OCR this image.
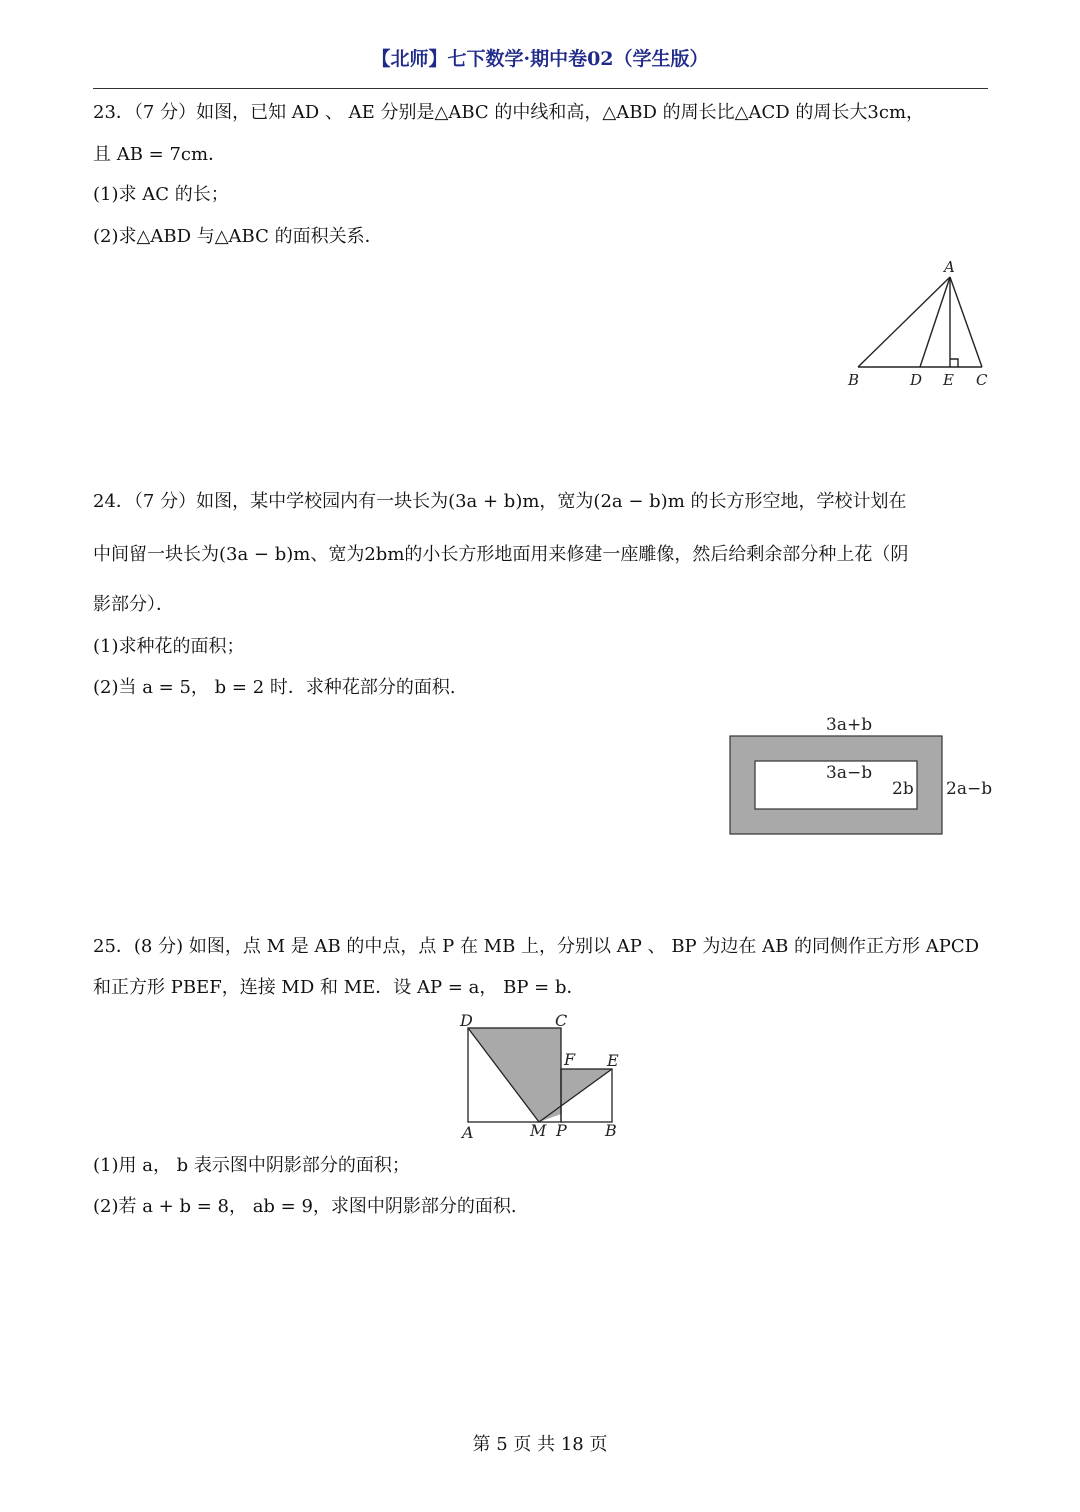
【北师】七下数学·期中卷02（学生版）
23．（7 分）如图，已知 AD 、 AE 分别是△ABC 的中线和高，△ABD 的周长比△ACD 的周长大3cm，
且 AB = 7cm．
(1)求 AC 的长；
(2)求△ABD 与△ABC 的面积关系．
A
B	D E C
24．（7 分）如图，某中学校园内有一块长为(3a + b)m，宽为(2a − b)m 的长方形空地，学校计划在
中间留一块长为(3a − b)m、宽为2bm的小长方形地面用来修建一座雕像，然后给剩余部分种上花（阴
影部分）．
(1)求种花的面积；
(2)当 a = 5， b = 2 时．求种花部分的面积.
3a+b
3a−b
2b 2a−b
25．(8 分) 如图，点 M 是 AB 的中点，点 P 在 MB 上，分别以 AP 、 BP 为边在 AB 的同侧作正方形 APCD
和正方形 PBEF，连接 MD 和 ME．设 AP = a， BP = b．
D	C
F E
A	M P B
(1)用 a， b 表示图中阴影部分的面积；
(2)若 a + b = 8， ab = 9，求图中阴影部分的面积.
第 5 页 共 18 页
